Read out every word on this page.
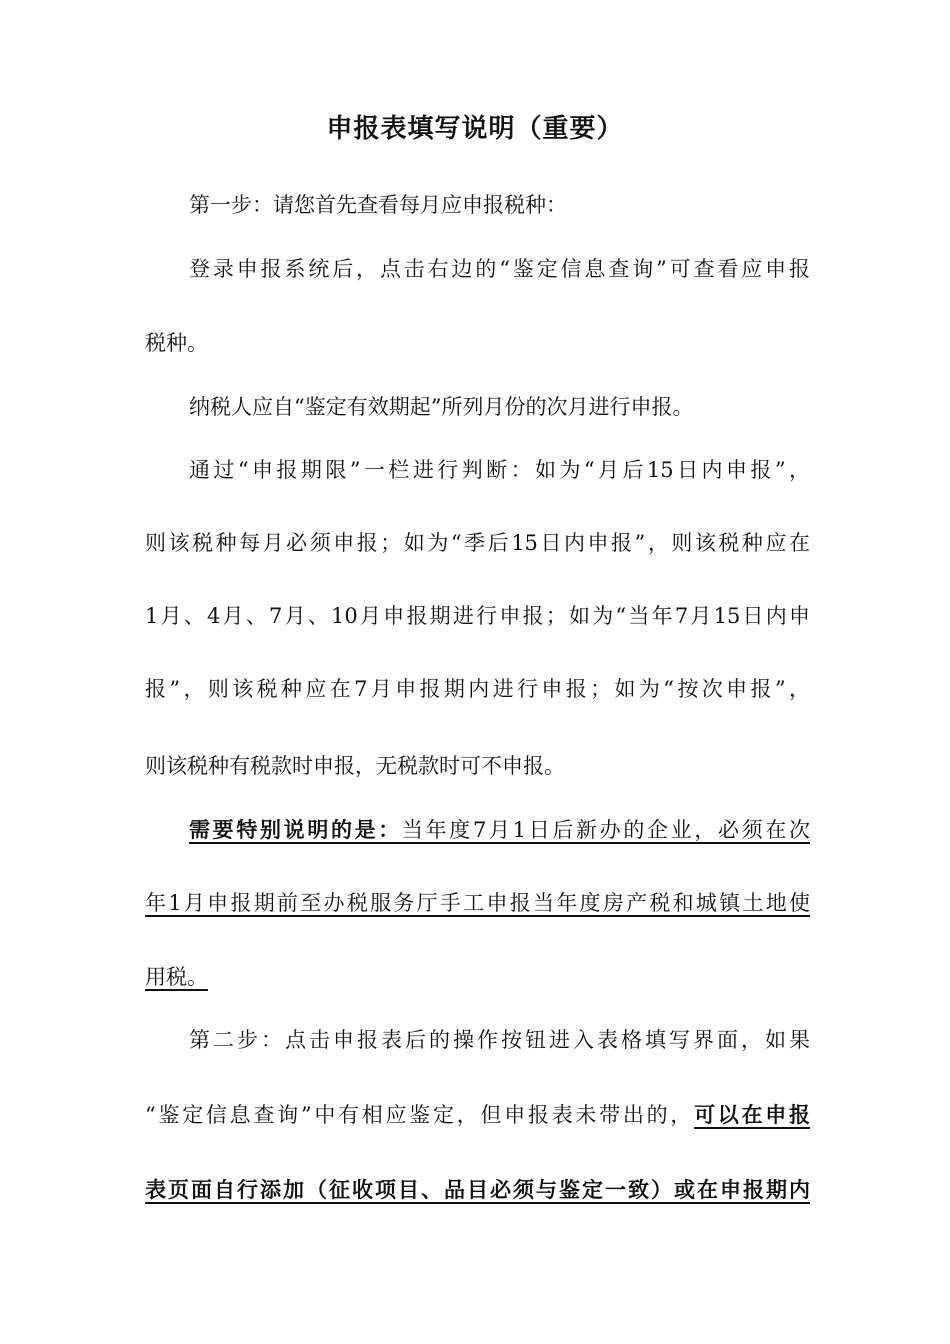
申报表填写说明（重要）
第一步：请您首先查看每月应申报税种：
登录申报系统后，点击右边的“鉴定信息查询”可查看应申报
税种。
纳税人应自“鉴定有效期起”所列月份的次月进行申报。
通过“申报期限”一栏进行判断：如为“月后15日内申报”，
则该税种每月必须申报；如为“季后15日内申报”，则该税种应在
1月、4月、7月、10月申报期进行申报；如为“当年7月15日内申
报”，则该税种应在7月申报期内进行申报；如为“按次申报”，
则该税种有税款时申报，无税款时可不申报。
需要特别说明的是：当年度7月1日后新办的企业，必须在次
年1月申报期前至办税服务厅手工申报当年度房产税和城镇土地使
用税。
第二步：点击申报表后的操作按钮进入表格填写界面，如果
“鉴定信息查询”中有相应鉴定，但申报表未带出的，可以在申报
表页面自行添加（征收项目、品目必须与鉴定一致）或在申报期内
